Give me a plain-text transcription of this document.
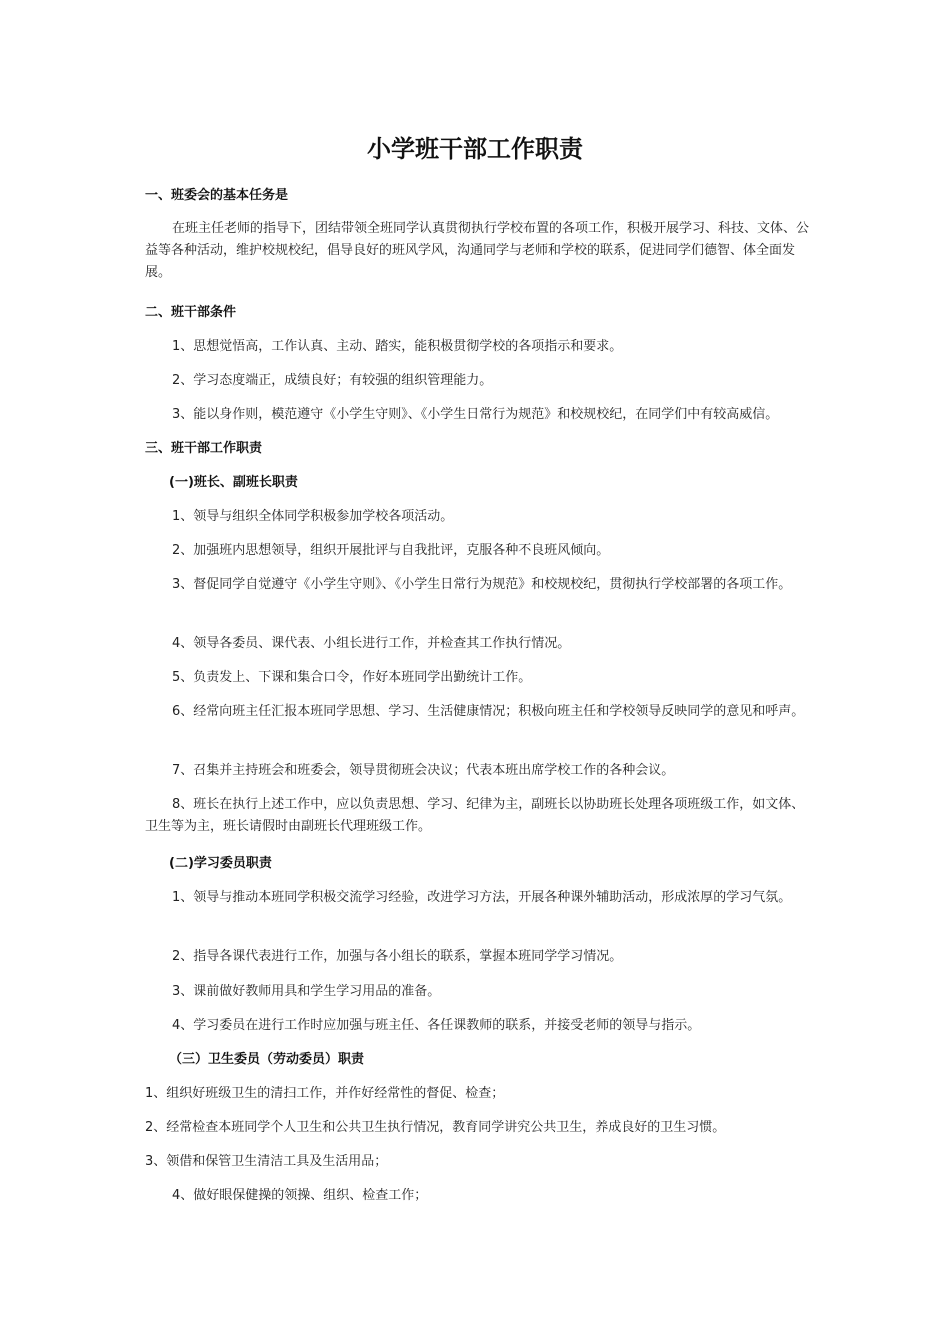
小学班干部工作职责

一、班委会的基本任务是

在班主任老师的指导下，团结带领全班同学认真贯彻执行学校布置的各项工作，积极开展学习、科技、文体、公益等各种活动，维护校规校纪，倡导良好的班风学风，沟通同学与老师和学校的联系，促进同学们德智、体全面发展。

二、班干部条件

1、思想觉悟高，工作认真、主动、踏实，能积极贯彻学校的各项指示和要求。

2、学习态度端正，成绩良好；有较强的组织管理能力。

3、能以身作则，模范遵守《小学生守则》、《小学生日常行为规范》和校规校纪，在同学们中有较高威信。

三、班干部工作职责

(一)班长、副班长职责

1、领导与组织全体同学积极参加学校各项活动。

2、加强班内思想领导，组织开展批评与自我批评，克服各种不良班风倾向。

3、督促同学自觉遵守《小学生守则》、《小学生日常行为规范》和校规校纪，贯彻执行学校部署的各项工作。

4、领导各委员、课代表、小组长进行工作，并检查其工作执行情况。

5、负责发上、下课和集合口令，作好本班同学出勤统计工作。

6、经常向班主任汇报本班同学思想、学习、生活健康情况；积极向班主任和学校领导反映同学的意见和呼声。

7、召集并主持班会和班委会，领导贯彻班会决议；代表本班出席学校工作的各种会议。

8、班长在执行上述工作中，应以负责思想、学习、纪律为主，副班长以协助班长处理各项班级工作，如文体、卫生等为主，班长请假时由副班长代理班级工作。

(二)学习委员职责

1、领导与推动本班同学积极交流学习经验，改进学习方法，开展各种课外辅助活动，形成浓厚的学习气氛。

2、指导各课代表进行工作，加强与各小组长的联系，掌握本班同学学习情况。

3、课前做好教师用具和学生学习用品的准备。

4、学习委员在进行工作时应加强与班主任、各任课教师的联系，并接受老师的领导与指示。

（三）卫生委员（劳动委员）职责

1、组织好班级卫生的清扫工作，并作好经常性的督促、检查；

2、经常检查本班同学个人卫生和公共卫生执行情况，教育同学讲究公共卫生，养成良好的卫生习惯。

3、领借和保管卫生清洁工具及生活用品；

4、做好眼保健操的领操、组织、检查工作；
